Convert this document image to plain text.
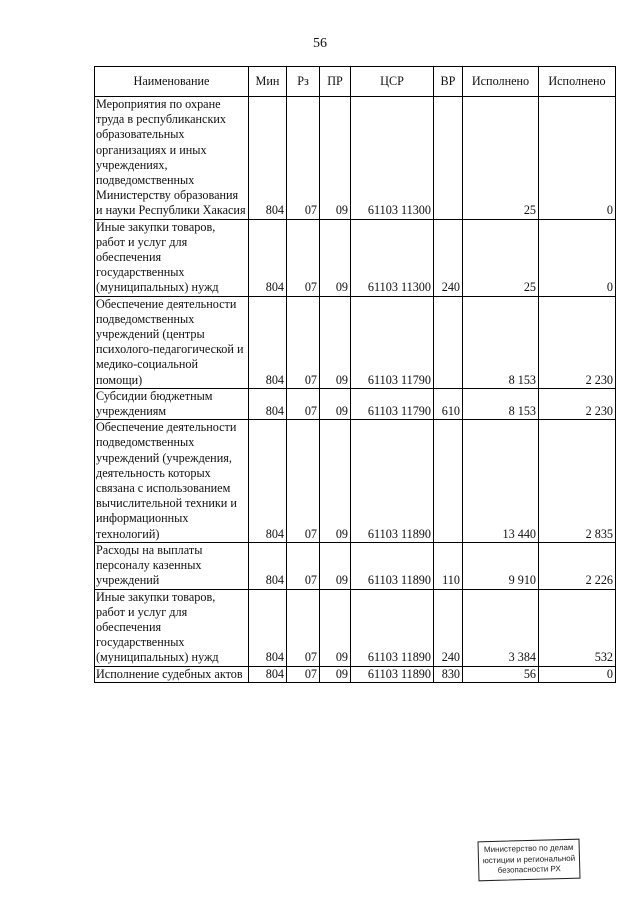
56
Наименование	Мин	Рз	ПР	ЦСР	ВР	Исполнено	Исполнено
Мероприятия по охране труда в республиканских образовательных организациях и иных учреждениях, подведомственных Министерству образования и науки Республики Хакасия	804	07	09	61103 11300		25	0
Иные закупки товаров, работ и услуг для обеспечения государственных (муниципальных) нужд	804	07	09	61103 11300	240	25	0
Обеспечение деятельности подведомственных учреждений (центры психолого-педагогической и медико-социальной помощи)	804	07	09	61103 11790		8 153	2 230
Субсидии бюджетным учреждениям	804	07	09	61103 11790	610	8 153	2 230
Обеспечение деятельности подведомственных учреждений (учреждения, деятельность которых связана с использованием вычислительной техники и информационных технологий)	804	07	09	61103 11890		13 440	2 835
Расходы на выплаты персоналу казенных учреждений	804	07	09	61103 11890	110	9 910	2 226
Иные закупки товаров, работ и услуг для обеспечения государственных (муниципальных) нужд	804	07	09	61103 11890	240	3 384	532
Исполнение судебных актов	804	07	09	61103 11890	830	56	0
Министерство по делам
юстиции и региональной
безопасности РХ
